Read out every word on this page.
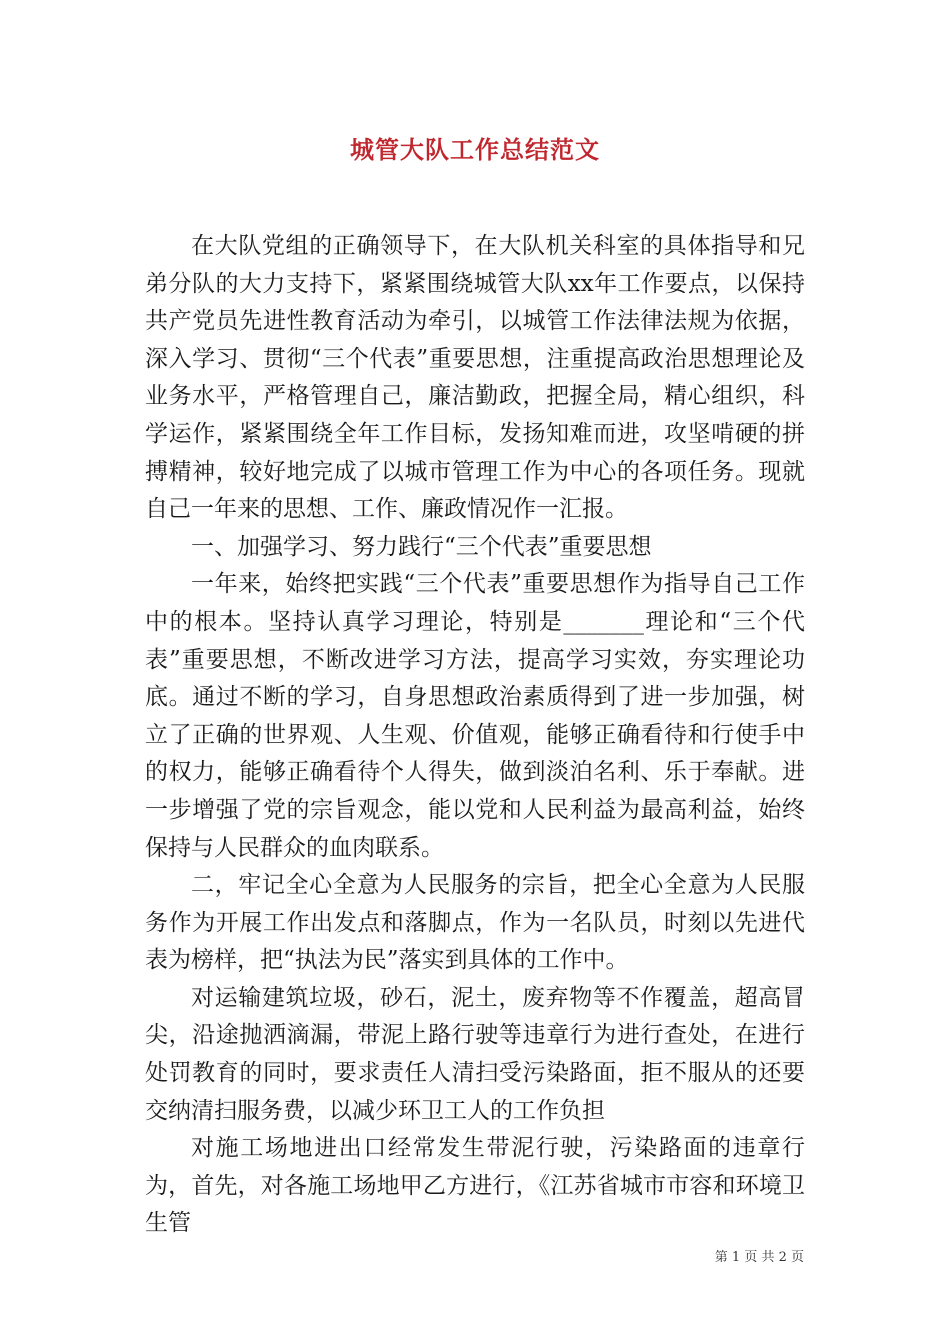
城管大队工作总结范文

在大队党组的正确领导下，在大队机关科室的具体指导和兄弟分队的大力支持下，紧紧围绕城管大队xx年工作要点，以保持共产党员先进性教育活动为牵引，以城管工作法律法规为依据，深入学习、贯彻“三个代表”重要思想，注重提高政治思想理论及业务水平，严格管理自己，廉洁勤政，把握全局，精心组织，科学运作，紧紧围绕全年工作目标，发扬知难而进，攻坚啃硬的拼搏精神，较好地完成了以城市管理工作为中心的各项任务。现就自己一年来的思想、工作、廉政情况作一汇报。

一、加强学习、努力践行“三个代表”重要思想

一年来，始终把实践“三个代表”重要思想作为指导自己工作中的根本。坚持认真学习理论，特别是_______理论和“三个代表”重要思想，不断改进学习方法，提高学习实效，夯实理论功底。通过不断的学习，自身思想政治素质得到了进一步加强，树立了正确的世界观、人生观、价值观，能够正确看待和行使手中的权力，能够正确看待个人得失，做到淡泊名利、乐于奉献。进一步增强了党的宗旨观念，能以党和人民利益为最高利益，始终保持与人民群众的血肉联系。

二，牢记全心全意为人民服务的宗旨，把全心全意为人民服务作为开展工作出发点和落脚点，作为一名队员，时刻以先进代表为榜样，把“执法为民”落实到具体的工作中。

对运输建筑垃圾，砂石，泥土，废弃物等不作覆盖，超高冒尖，沿途抛洒滴漏，带泥上路行驶等违章行为进行查处，在进行处罚教育的同时，要求责任人清扫受污染路面，拒不服从的还要交纳清扫服务费，以减少环卫工人的工作负担

对施工场地进出口经常发生带泥行驶，污染路面的违章行为，首先，对各施工场地甲乙方进行，《江苏省城市市容和环境卫生管

第 1 页 共 2 页
